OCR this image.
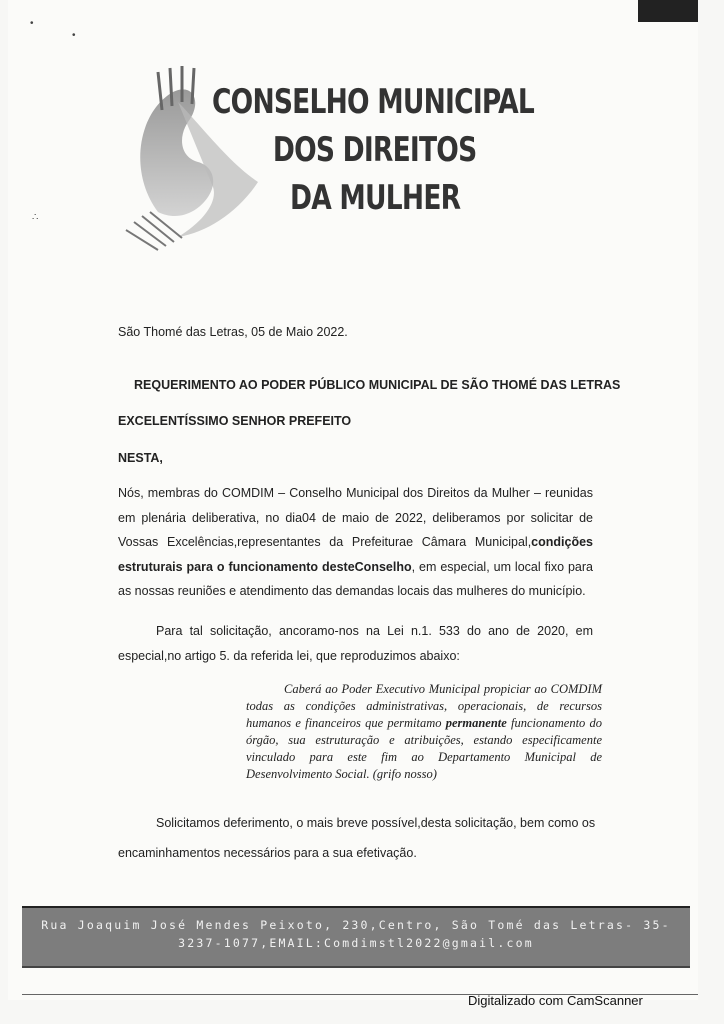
•
•
∴
CONSELHO MUNICIPAL
DOS DIREITOS
DA MULHER
São Thomé das Letras, 05 de Maio 2022.
REQUERIMENTO AO PODER PÚBLICO MUNICIPAL DE SÃO THOMÉ DAS LETRAS
EXCELENTÍSSIMO SENHOR PREFEITO
NESTA,
Nós, membras do COMDIM – Conselho Municipal dos Direitos da Mulher – reunidas em plenária deliberativa, no dia04 de maio de 2022, deliberamos por solicitar de Vossas Excelências,representantes da Prefeiturae Câmara Municipal,condições estruturais para o funcionamento desteConselho, em especial, um local fixo para as nossas reuniões e atendimento das demandas locais das mulheres do município.
Para tal solicitação, ancoramo-nos na Lei n.1. 533 do ano de 2020, em especial,no artigo 5. da referida lei, que reproduzimos abaixo:
Caberá ao Poder Executivo Municipal propiciar ao COMDIM todas as condições administrativas, operacionais, de recursos humanos e financeiros que permitamo permanente funcionamento do órgão, sua estruturação e atribuições, estando especificamente vinculado para este fim ao Departamento Municipal de Desenvolvimento Social. (grifo nosso)
Solicitamos deferimento, o mais breve possível,desta solicitação, bem como os encaminhamentos necessários para a sua efetivação.
Rua Joaquim José Mendes Peixoto, 230,Centro, São Tomé das Letras- 35-
3237-1077,EMAIL:Comdimstl2022@gmail.com
Digitalizado com CamScanner
